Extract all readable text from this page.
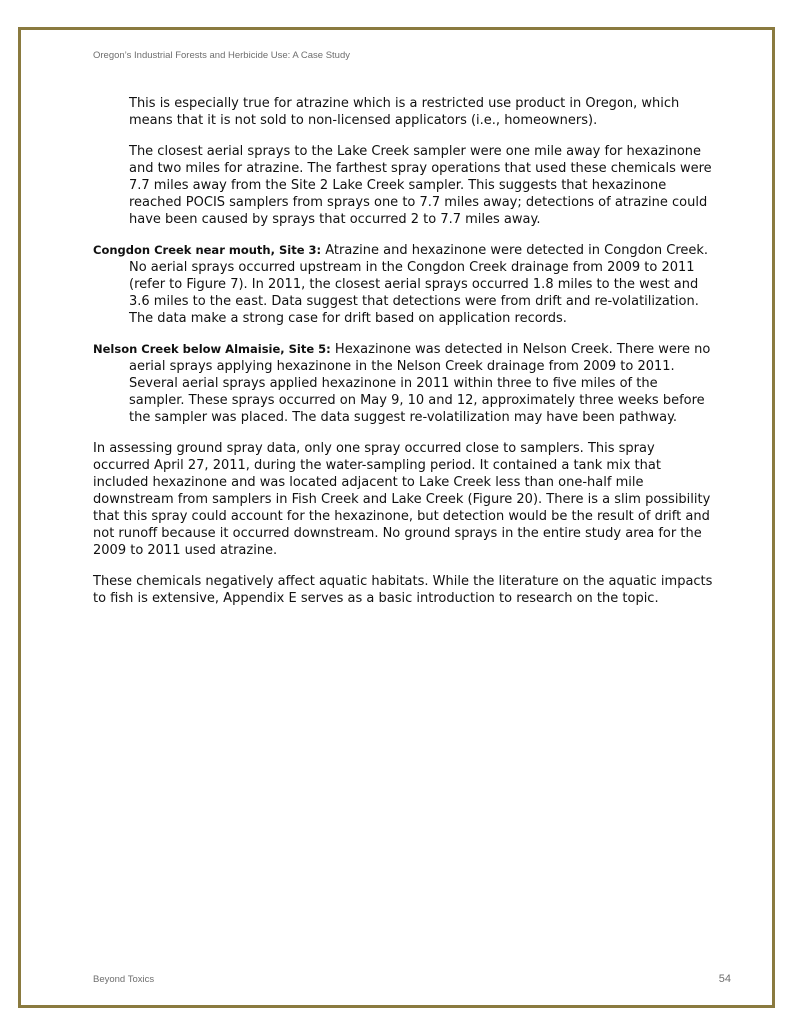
Oregon’s Industrial Forests and Herbicide Use: A Case Study

This is especially true for atrazine which is a restricted use product in Oregon, which means that it is not sold to non-licensed applicators (i.e., homeowners).

The closest aerial sprays to the Lake Creek sampler were one mile away for hexazinone and two miles for atrazine. The farthest spray operations that used these chemicals were 7.7 miles away from the Site 2 Lake Creek sampler. This suggests that hexazinone reached POCIS samplers from sprays one to 7.7 miles away; detections of atrazine could have been caused by sprays that occurred 2 to 7.7 miles away.

Congdon Creek near mouth, Site 3: Atrazine and hexazinone were detected in Congdon Creek. No aerial sprays occurred upstream in the Congdon Creek drainage from 2009 to 2011 (refer to Figure 7). In 2011, the closest aerial sprays occurred 1.8 miles to the west and 3.6 miles to the east. Data suggest that detections were from drift and re-volatilization. The data make a strong case for drift based on application records.

Nelson Creek below Almaisie, Site 5: Hexazinone was detected in Nelson Creek. There were no aerial sprays applying hexazinone in the Nelson Creek drainage from 2009 to 2011. Several aerial sprays applied hexazinone in 2011 within three to five miles of the sampler. These sprays occurred on May 9, 10 and 12, approximately three weeks before the sampler was placed. The data suggest re-volatilization may have been pathway.

In assessing ground spray data, only one spray occurred close to samplers. This spray occurred April 27, 2011, during the water-sampling period. It contained a tank mix that included hexazinone and was located adjacent to Lake Creek less than one-half mile downstream from samplers in Fish Creek and Lake Creek (Figure 20). There is a slim possibility that this spray could account for the hexazinone, but detection would be the result of drift and not runoff because it occurred downstream. No ground sprays in the entire study area for the 2009 to 2011 used atrazine.

These chemicals negatively affect aquatic habitats. While the literature on the aquatic impacts to fish is extensive, Appendix E serves as a basic introduction to research on the topic.

Beyond Toxics	54
